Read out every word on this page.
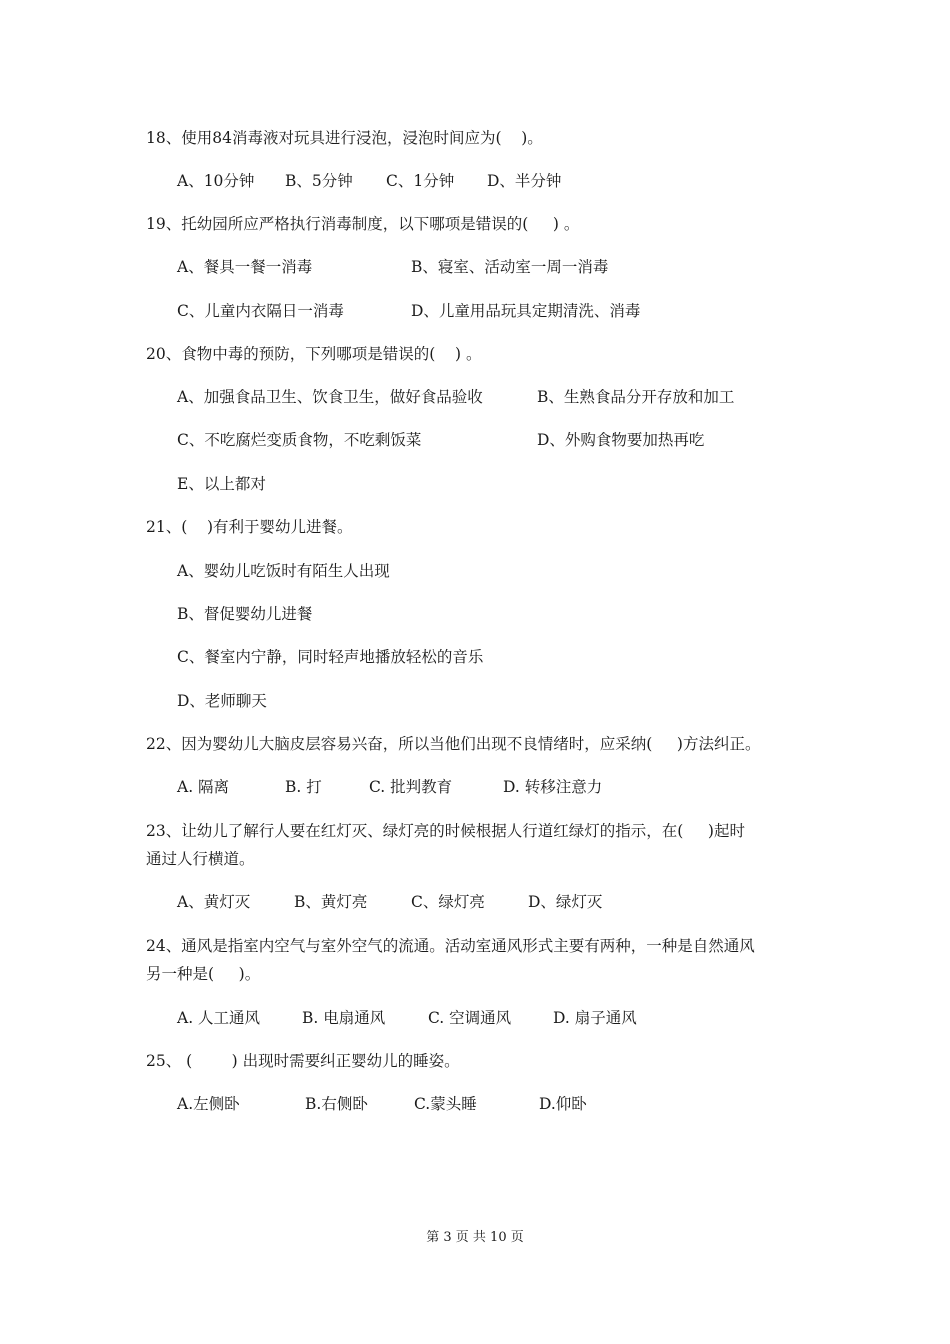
18、使用84消毒液对玩具进行浸泡，浸泡时间应为(    )。
A、10分钟 B、5分钟 C、1分钟 D、半分钟
19、托幼园所应严格执行消毒制度，以下哪项是错误的(     ) 。
A、餐具一餐一消毒	B、寝室、活动室一周一消毒
C、儿童内衣隔日一消毒	D、儿童用品玩具定期清洗、消毒
20、食物中毒的预防，下列哪项是错误的(    ) 。
A、加强食品卫生、饮食卫生，做好食品验收	B、生熟食品分开存放和加工
C、不吃腐烂变质食物，不吃剩饭菜	D、外购食物要加热再吃
E、以上都对
21、(    )有利于婴幼儿进餐。
A、婴幼儿吃饭时有陌生人出现
B、督促婴幼儿进餐
C、餐室内宁静，同时轻声地播放轻松的音乐
D、老师聊天
22、因为婴幼儿大脑皮层容易兴奋，所以当他们出现不良情绪时，应采纳(     )方法纠正。
A. 隔离	B. 打	C. 批判教育	D. 转移注意力
23、让幼儿了解行人要在红灯灭、绿灯亮的时候根据人行道红绿灯的指示，在(     )起时
通过人行横道。
A、黄灯灭	B、黄灯亮	C、绿灯亮	D、绿灯灭
24、通风是指室内空气与室外空气的流通。活动室通风形式主要有两种，一种是自然通风
另一种是(     )。
A. 人工通风	B. 电扇通风	C. 空调通风	D. 扇子通风
25、 (        ) 出现时需要纠正婴幼儿的睡姿。
A.左侧卧	B.右侧卧	C.蒙头睡	D.仰卧
第 3 页 共 10 页
